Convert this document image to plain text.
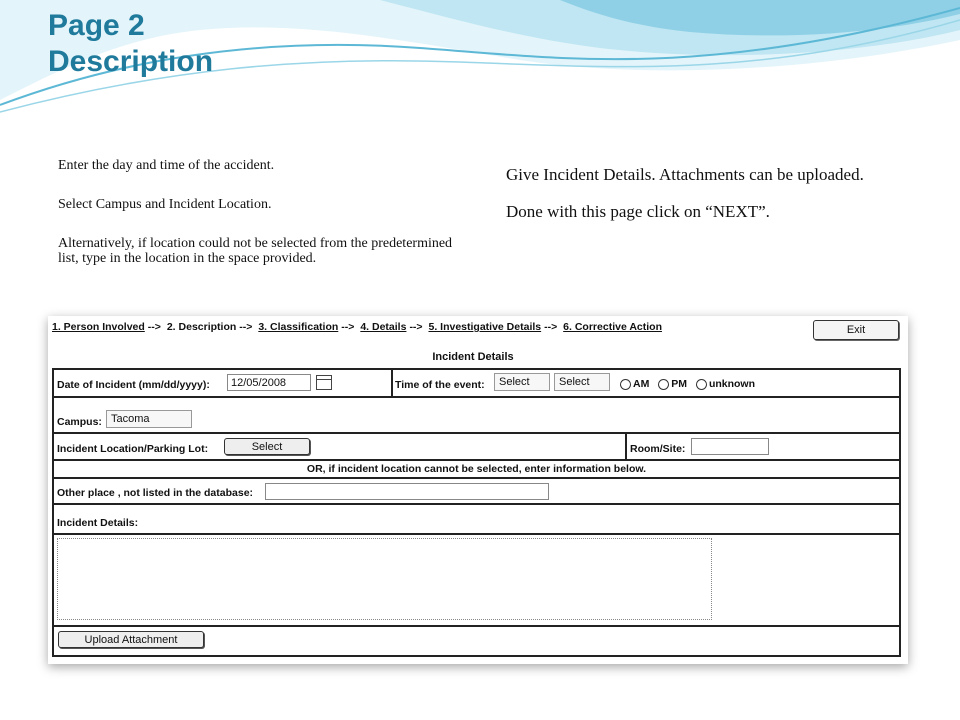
Page 2
Description

Enter the day and time of the accident.

Select Campus and Incident Location.

Alternatively, if location could not be selected from the predetermined list, type in the location in the space provided.

Give Incident Details. Attachments can be uploaded.

Done with this page click on “NEXT”.

1. Person Involved --> 2. Description --> 3. Classification --> 4. Details --> 5. Investigative Details --> 6. Corrective Action	Exit
Incident Details
Date of Incident (mm/dd/yyyy):	12/05/2008	Time of the event:	Select	Select	AM PM unknown
Campus: Tacoma
Incident Location/Parking Lot:	Select	Room/Site:
OR, if incident location cannot be selected, enter information below.
Other place , not listed in the database:
Incident Details:
Upload Attachment
